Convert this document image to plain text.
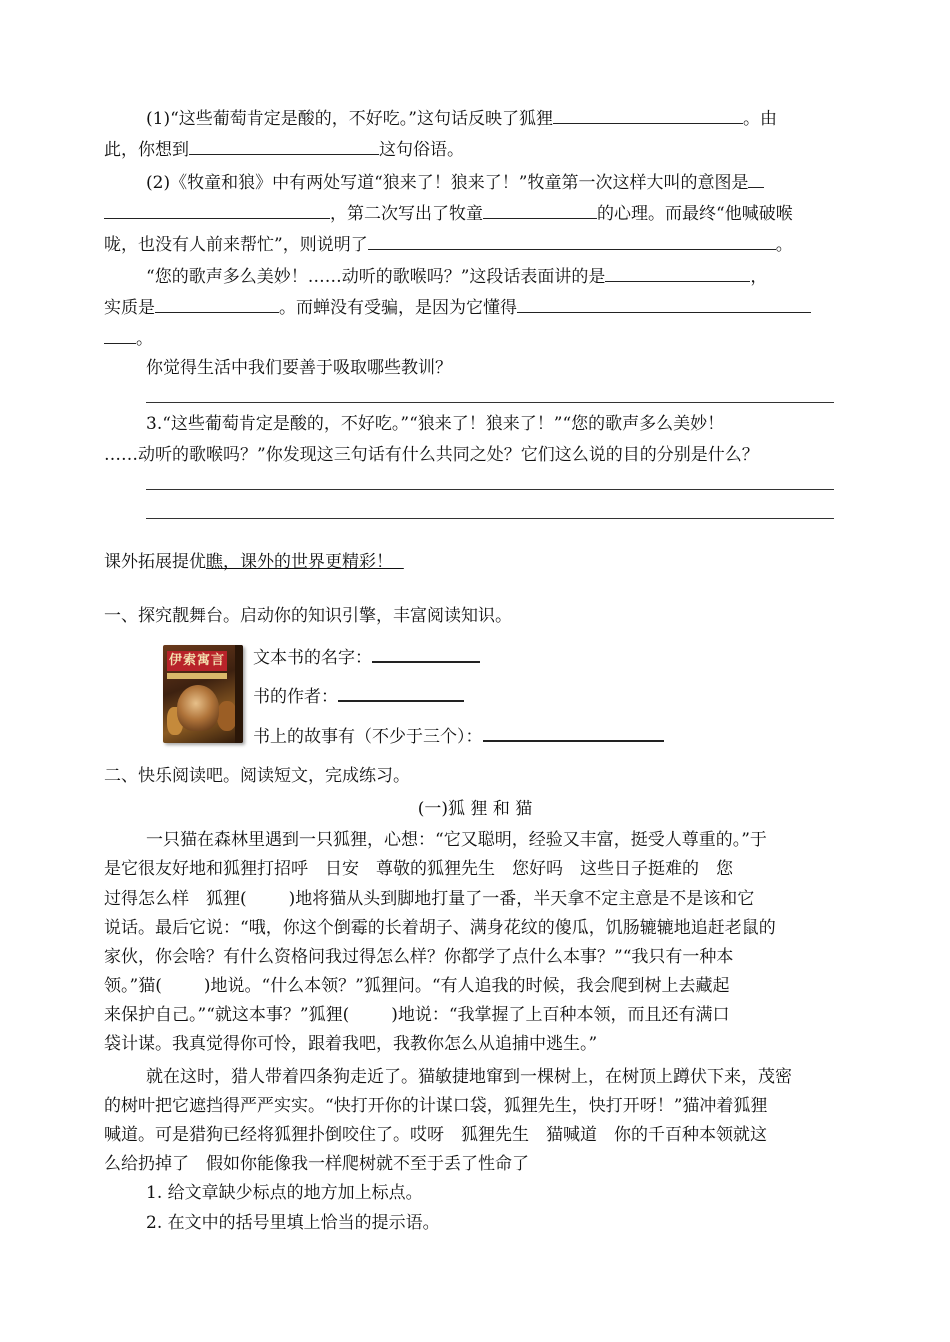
(1)“这些葡萄肯定是酸的，不好吃。”这句话反映了狐狸	。由
此，你想到	这句俗语。
(2)《牧童和狼》中有两处写道“狼来了！狼来了！”牧童第一次这样大叫的意图是
，第二次写出了牧童	的心理。而最终“他喊破喉
咙，也没有人前来帮忙”，则说明了	。
“您的歌声多么美妙！……动听的歌喉吗？”这段话表面讲的是	，
实质是	。而蝉没有受骗，是因为它懂得
。
你觉得生活中我们要善于吸取哪些教训？
3.“这些葡萄肯定是酸的，不好吃。”“狼来了！狼来了！”“您的歌声多么美妙！
……动听的歌喉吗？”你发现这三句话有什么共同之处？它们这么说的目的分别是什么？
课外拓展提优瞧，课外的世界更精彩！
一、探究靓舞台。启动你的知识引擎，丰富阅读知识。
伊索寓言 文本书的名字：
书的作者：
书上的故事有（不少于三个）：
二、快乐阅读吧。阅读短文，完成练习。
(一)狐 狸 和 猫
一只猫在森林里遇到一只狐狸，心想：“它又聪明，经验又丰富，挺受人尊重的。”于
是它很友好地和狐狸打招呼　日安　尊敬的狐狸先生　您好吗　这些日子挺难的　您
过得怎么样　狐狸( )地将猫从头到脚地打量了一番，半天拿不定主意是不是该和它
说话。最后它说：“哦，你这个倒霉的长着胡子、满身花纹的傻瓜，饥肠辘辘地追赶老鼠的
家伙，你会啥？有什么资格问我过得怎么样？你都学了点什么本事？”“我只有一种本
领。”猫( )地说。“什么本领？”狐狸问。“有人追我的时候，我会爬到树上去藏起
来保护自己。”“就这本事？”狐狸( )地说：“我掌握了上百种本领，而且还有满口
袋计谋。我真觉得你可怜，跟着我吧，我教你怎么从追捕中逃生。”
就在这时，猎人带着四条狗走近了。猫敏捷地窜到一棵树上，在树顶上蹲伏下来，茂密
的树叶把它遮挡得严严实实。“快打开你的计谋口袋，狐狸先生，快打开呀！”猫冲着狐狸
喊道。可是猎狗已经将狐狸扑倒咬住了。哎呀　狐狸先生　猫喊道　你的千百种本领就这
么给扔掉了　假如你能像我一样爬树就不至于丢了性命了
1. 给文章缺少标点的地方加上标点。
2. 在文中的括号里填上恰当的提示语。
